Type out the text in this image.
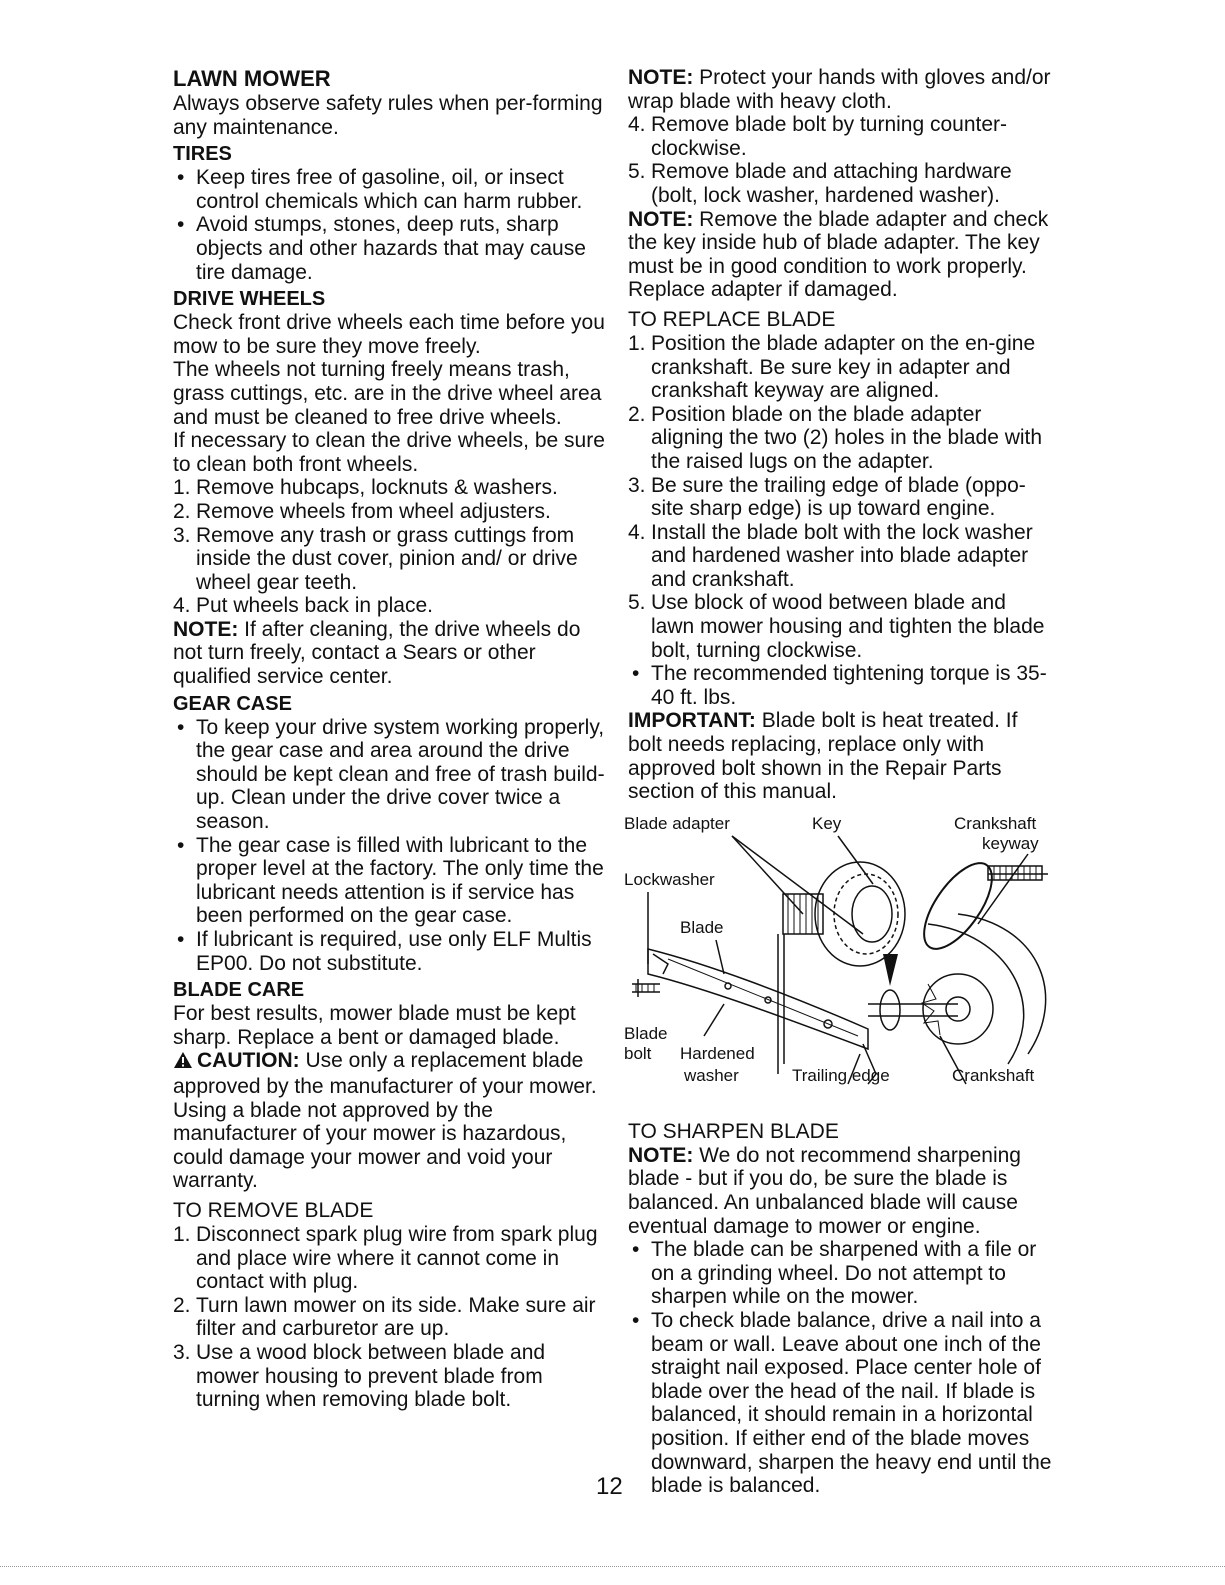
LAWN MOWER

Always observe safety rules when per-forming any maintenance.

TIRES
• Keep tires free of gasoline, oil, or insect control chemicals which can harm rubber.
• Avoid stumps, stones, deep ruts, sharp objects and other hazards that may cause tire damage.
DRIVE WHEELS

Check front drive wheels each time before you mow to be sure they move freely.

The wheels not turning freely means trash, grass cuttings, etc. are in the drive wheel area and must be cleaned to free drive wheels.

If necessary to clean the drive wheels, be sure to clean both front wheels.

1. Remove hubcaps, locknuts & washers.
2. Remove wheels from wheel adjusters.
3. Remove any trash or grass cuttings from inside the dust cover, pinion and/ or drive wheel gear teeth.
4. Put wheels back in place.

NOTE: If after cleaning, the drive wheels do not turn freely, contact a Sears or other qualified service center.

GEAR CASE
• To keep your drive system working properly, the gear case and area around the drive should be kept clean and free of trash build-up. Clean under the drive cover twice a season.
• The gear case is filled with lubricant to the proper level at the factory. The only time the lubricant needs attention is if service has been performed on the gear case.
• If lubricant is required, use only ELF Multis EP00. Do not substitute.
BLADE CARE

For best results, mower blade must be kept sharp. Replace a bent or damaged blade.

CAUTION: Use only a replacement blade approved by the manufacturer of your mower. Using a blade not approved by the manufacturer of your mower is hazardous, could damage your mower and void your warranty.

TO REMOVE BLADE
1. Disconnect spark plug wire from spark plug and place wire where it cannot come in contact with plug.
2. Turn lawn mower on its side. Make sure air filter and carburetor are up.
3. Use a wood block between blade and mower housing to prevent blade from turning when removing blade bolt.

NOTE: Protect your hands with gloves and/or wrap blade with heavy cloth.

4. Remove blade bolt by turning counter-clockwise.
5. Remove blade and attaching hardware (bolt, lock washer, hardened washer).

NOTE: Remove the blade adapter and check the key inside hub of blade adapter. The key must be in good condition to work properly. Replace adapter if damaged.

TO REPLACE BLADE
1. Position the blade adapter on the en-gine crankshaft. Be sure key in adapter and crankshaft keyway are aligned.
2. Position blade on the blade adapter aligning the two (2) holes in the blade with the raised lugs on the adapter.
3. Be sure the trailing edge of blade (oppo-site sharp edge) is up toward engine.
4. Install the blade bolt with the lock washer and hardened washer into blade adapter and crankshaft.
5. Use block of wood between blade and lawn mower housing and tighten the blade bolt, turning clockwise.
• The recommended tightening torque is 35-40 ft. lbs.

IMPORTANT: Blade bolt is heat treated. If bolt needs replacing, replace only with approved bolt shown in the Repair Parts section of this manual.

Blade adapter	Key	Crankshaft
keyway
Lockwasher
Blade
Blade
bolt Hardened
washer	Trailing edge	Crankshaft
TO SHARPEN BLADE

NOTE: We do not recommend sharpening blade - but if you do, be sure the blade is balanced. An unbalanced blade will cause eventual damage to mower or engine.

• The blade can be sharpened with a file or on a grinding wheel. Do not attempt to sharpen while on the mower.
• To check blade balance, drive a nail into a beam or wall. Leave about one inch of the straight nail exposed. Place center hole of blade over the head of the nail. If blade is balanced, it should remain in a horizontal position. If either end of the blade moves downward, sharpen the heavy end until the blade is balanced.
12
